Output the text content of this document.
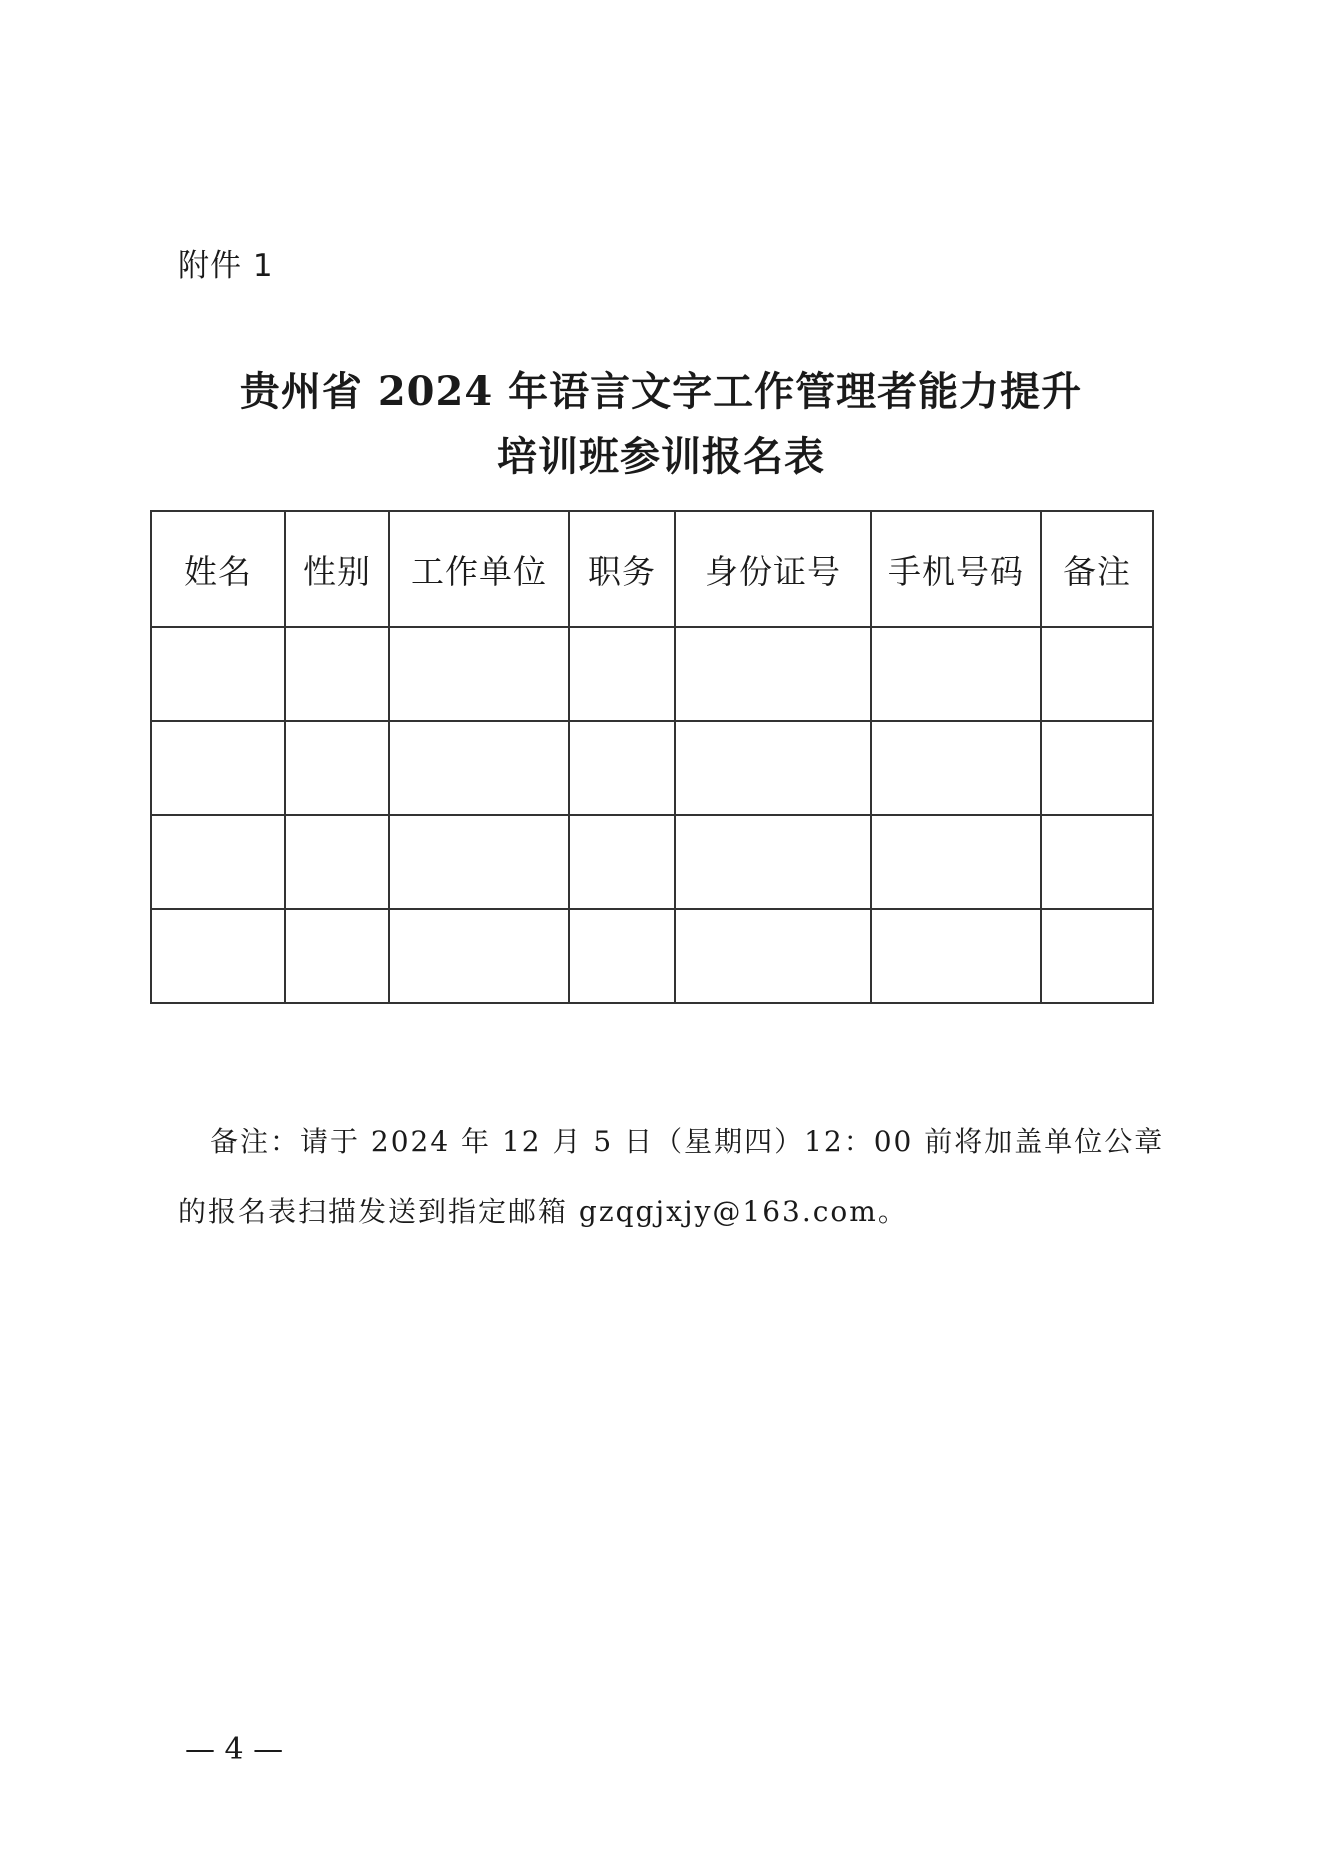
附件 1
贵州省 2024 年语言文字工作管理者能力提升
培训班参训报名表
姓名	性别	工作单位	职务	身份证号	手机号码	备注

备注：请于 2024 年 12 月 5 日（星期四）12：00 前将加盖单位公章
的报名表扫描发送到指定邮箱 gzqgjxjy@163.com。
— 4 —
